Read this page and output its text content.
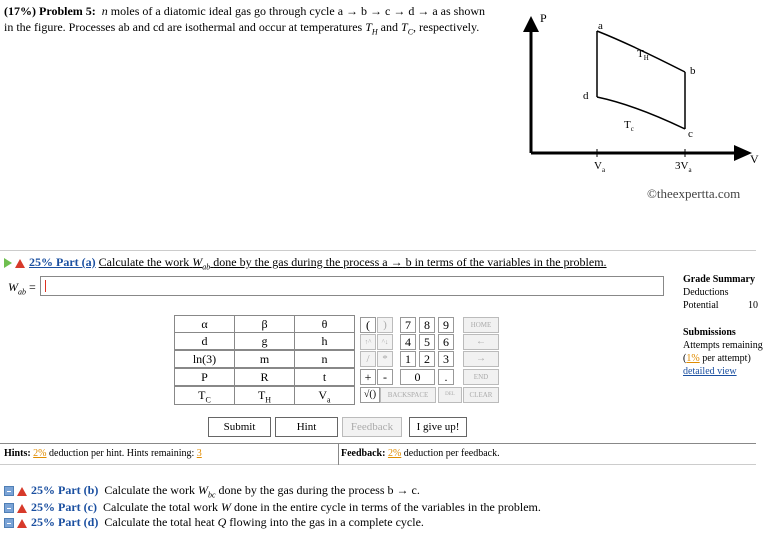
(17%) Problem 5: n moles of a diatomic ideal gas go through cycle a → b → c → d → a as shown
in the figure. Processes ab and cd are isothermal and occur at temperatures $T_H$ and $T_C$, respectively.
P
V
a
b
c
d
$T_H$
$T_c$
$V_a$	$3V_a$
©theexpertta.com
25% Part (a) Calculate the work $W_{ab}$ done by the gas during the process a → b in terms of the variables in the problem.
$W_{ab}$ =
α	β	θ
d	g	h
ln(3)	m	n
P	R	t
$T_C$	$T_H$	$V_a$
(	)
↑^	^↓
/	*
+ -
√()
7	8	9
4	5	6
1	2	3
0	.
HOME
←
→
END
BACKSPACE	DEL	CLEAR
Submit	Hint	Feedback	I give up!
Grade Summary
Deductions
Potential	10
Submissions
Attempts remaining
(1% per attempt)
detailed view
Hints: 2% deduction per hint. Hints remaining: 3	Feedback: 2% deduction per feedback.
25% Part (b) Calculate the work $W_{bc}$ done by the gas during the process b → c.
25% Part (c) Calculate the total work W done in the entire cycle in terms of the variables in the problem.
25% Part (d) Calculate the total heat Q flowing into the gas in a complete cycle.
